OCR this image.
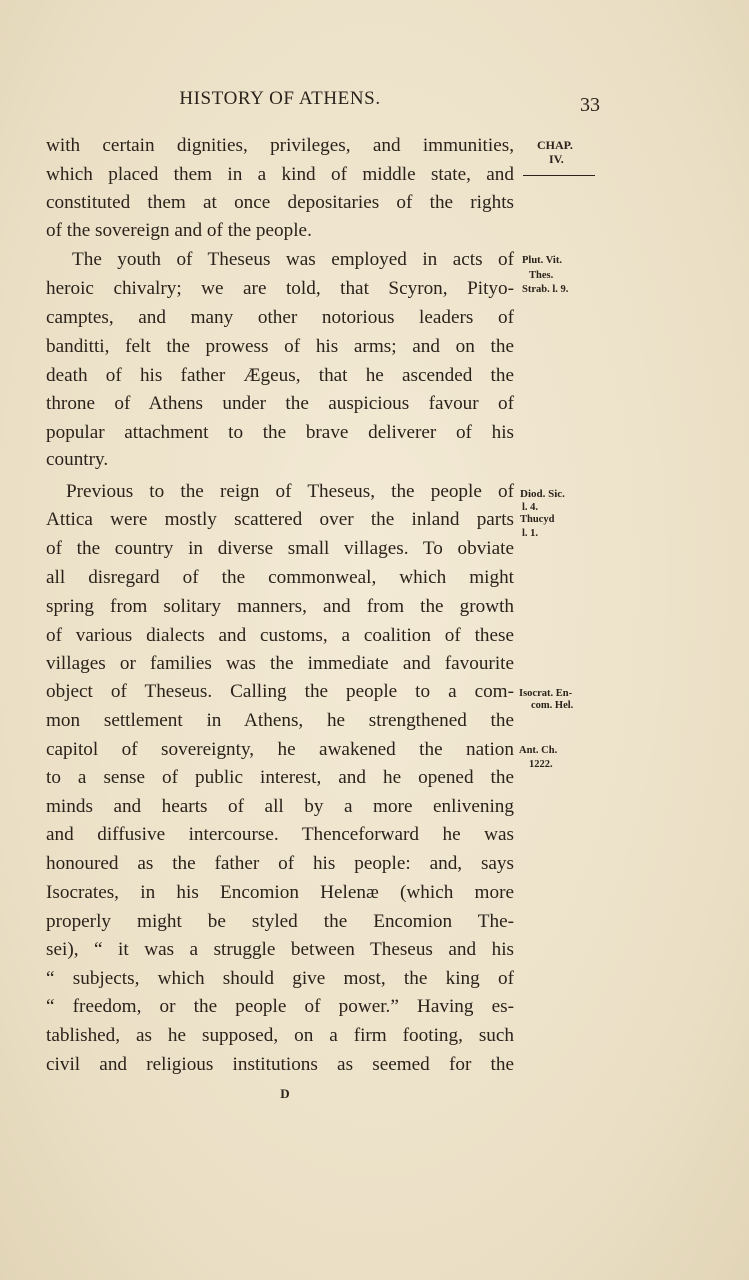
HISTORY OF ATHENS.	33
with certain dignities, privileges, and immunities,
which placed them in a kind of middle state, and
constituted them at once depositaries of the rights
of the sovereign and of the people.
The youth of Theseus was employed in acts of
heroic chivalry; we are told, that Scyron, Pityo-
camptes, and many other notorious leaders of
banditti, felt the prowess of his arms; and on the
death of his father Ægeus, that he ascended the
throne of Athens under the auspicious favour of
popular attachment to the brave deliverer of his
country.
Previous to the reign of Theseus, the people of
Attica were mostly scattered over the inland parts
of the country in diverse small villages. To obviate
all disregard of the commonweal, which might
spring from solitary manners, and from the growth
of various dialects and customs, a coalition of these
villages or families was the immediate and favourite
object of Theseus. Calling the people to a com-
mon settlement in Athens, he strengthened the
capitol of sovereignty, he awakened the nation
to a sense of public interest, and he opened the
minds and hearts of all by a more enlivening
and diffusive intercourse. Thenceforward he was
honoured as the father of his people: and, says
Isocrates, in his Encomion Helenæ (which more
properly might be styled the Encomion The-
sei), “ it was a struggle between Theseus and his
“ subjects, which should give most, the king of
“ freedom, or the people of power.” Having es-
tablished, as he supposed, on a firm footing, such
civil and religious institutions as seemed for the
CHAP.
IV.
Plut. Vit.
Thes.
Strab. l. 9.
Diod. Sic.
l. 4.
Thucyd
l. 1.
Isocrat. En-
com. Hel.
Ant. Ch.
1222.
D
